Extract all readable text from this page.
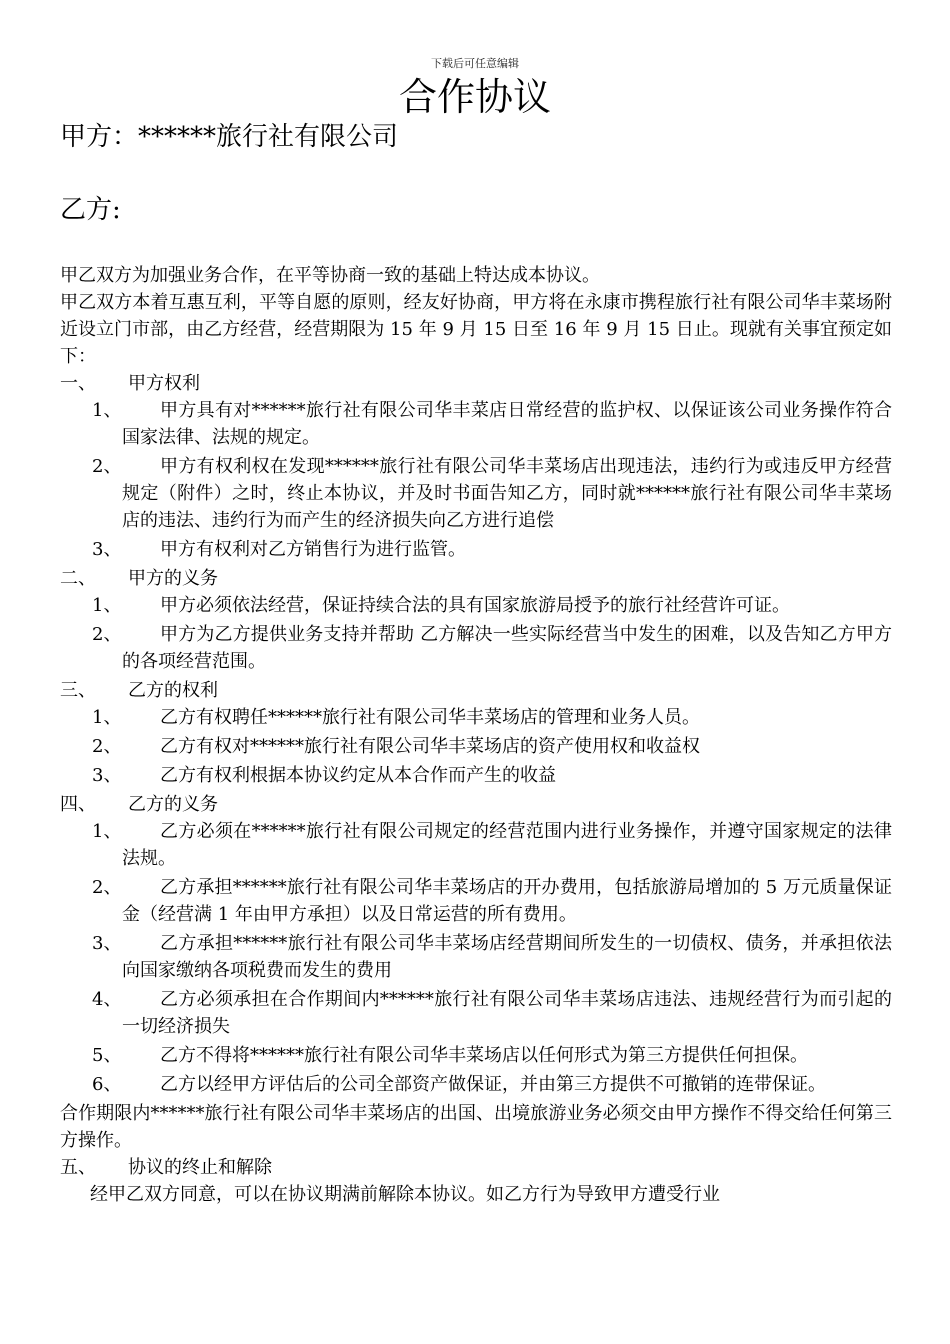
下载后可任意编辑
合作协议

甲方：******旅行社有限公司

乙方:

甲乙双方为加强业务合作，在平等协商一致的基础上特达成本协议。

甲乙双方本着互惠互利，平等自愿的原则，经友好协商，甲方将在永康市携程旅行社有限公司华丰菜场附近设立门市部，由乙方经营，经营期限为 15 年 9 月 15 日至 16 年 9 月 15 日止。现就有关事宜预定如下：

一、 甲方权利
1、	甲方具有对******旅行社有限公司华丰菜店日常经营的监护权、以保证该公司业务操作符合国家法律、法规的规定。
2、	甲方有权利权在发现******旅行社有限公司华丰菜场店出现违法，违约行为或违反甲方经营规定（附件）之时，终止本协议，并及时书面告知乙方，同时就******旅行社有限公司华丰菜场店的违法、违约行为而产生的经济损失向乙方进行追偿
3、	甲方有权利对乙方销售行为进行监管。
二、 甲方的义务
1、	甲方必须依法经营，保证持续合法的具有国家旅游局授予的旅行社经营许可证。
2、	甲方为乙方提供业务支持并帮助 乙方解决一些实际经营当中发生的困难，以及告知乙方甲方的各项经营范围。
三、 乙方的权利
1、	乙方有权聘任******旅行社有限公司华丰菜场店的管理和业务人员。
2、	乙方有权对******旅行社有限公司华丰菜场店的资产使用权和收益权
3、	乙方有权利根据本协议约定从本合作而产生的收益
四、 乙方的义务
1、	乙方必须在******旅行社有限公司规定的经营范围内进行业务操作，并遵守国家规定的法律法规。
2、	乙方承担******旅行社有限公司华丰菜场店的开办费用，包括旅游局增加的 5 万元质量保证金（经营满 1 年由甲方承担）以及日常运营的所有费用。
3、	乙方承担******旅行社有限公司华丰菜场店经营期间所发生的一切债权、债务，并承担依法向国家缴纳各项税费而发生的费用
4、	乙方必须承担在合作期间内******旅行社有限公司华丰菜场店违法、违规经营行为而引起的一切经济损失
5、	乙方不得将******旅行社有限公司华丰菜场店以任何形式为第三方提供任何担保。
6、	乙方以经甲方评估后的公司全部资产做保证，并由第三方提供不可撤销的连带保证。

合作期限内******旅行社有限公司华丰菜场店的出国、出境旅游业务必须交由甲方操作不得交给任何第三方操作。

五、 协议的终止和解除

经甲乙双方同意，可以在协议期满前解除本协议。如乙方行为导致甲方遭受行业
